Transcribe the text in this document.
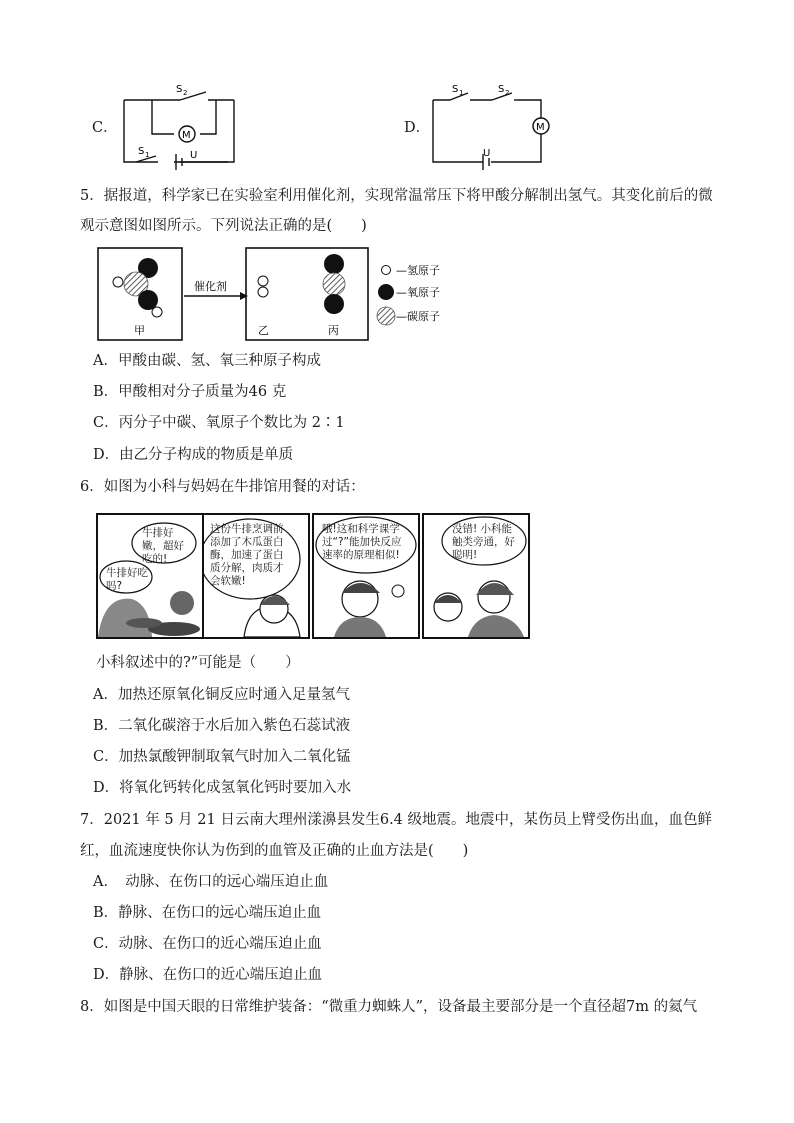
C．	M
S 2
S 1	U
D．	M
S 1	S 2
U
5．据报道，科学家已在实验室利用催化剂，实现常温常压下将甲酸分解制出氢气。其变化前后的微
观示意图如图所示。下列说法正确的是(　　)
甲
催化剂
乙	丙
—氢原子
—氧原子
—碳原子
A．甲酸由碳、氢、氧三种原子构成
B．甲酸相对分子质量为46 克
C．丙分子中碳、氧原子个数比为 2∶1
D．由乙分子构成的物质是单质
6．如图为小科与妈妈在牛排馆用餐的对话：
牛排好嫩，超好吃的!
牛排好吃吗?
这份牛排烹调前添加了木瓜蛋白酶，加速了蛋白质分解，肉质才会软嫩!
哦!这和科学课学过“?”能加快反应速率的原理相似!
没错! 小科能触类旁通，好聪明!
小科叙述中的?”可能是（　　）
A．加热还原氧化铜反应时通入足量氢气
B．二氧化碳溶于水后加入紫色石蕊试液
C．加热氯酸钾制取氧气时加入二氧化锰
D．将氧化钙转化成氢氧化钙时要加入水
7．2021 年 5 月 21 日云南大理州漾濞县发生6.4 级地震。地震中，某伤员上臂受伤出血，血色鲜
红，血流速度快你认为伤到的血管及正确的止血方法是(　　)
A．　动脉、在伤口的远心端压迫止血
B．静脉、在伤口的远心端压迫止血
C．动脉、在伤口的近心端压迫止血
D．静脉、在伤口的近心端压迫止血
8．如图是中国天眼的日常维护装备：“微重力蜘蛛人”，设备最主要部分是一个直径超7m 的氦气
